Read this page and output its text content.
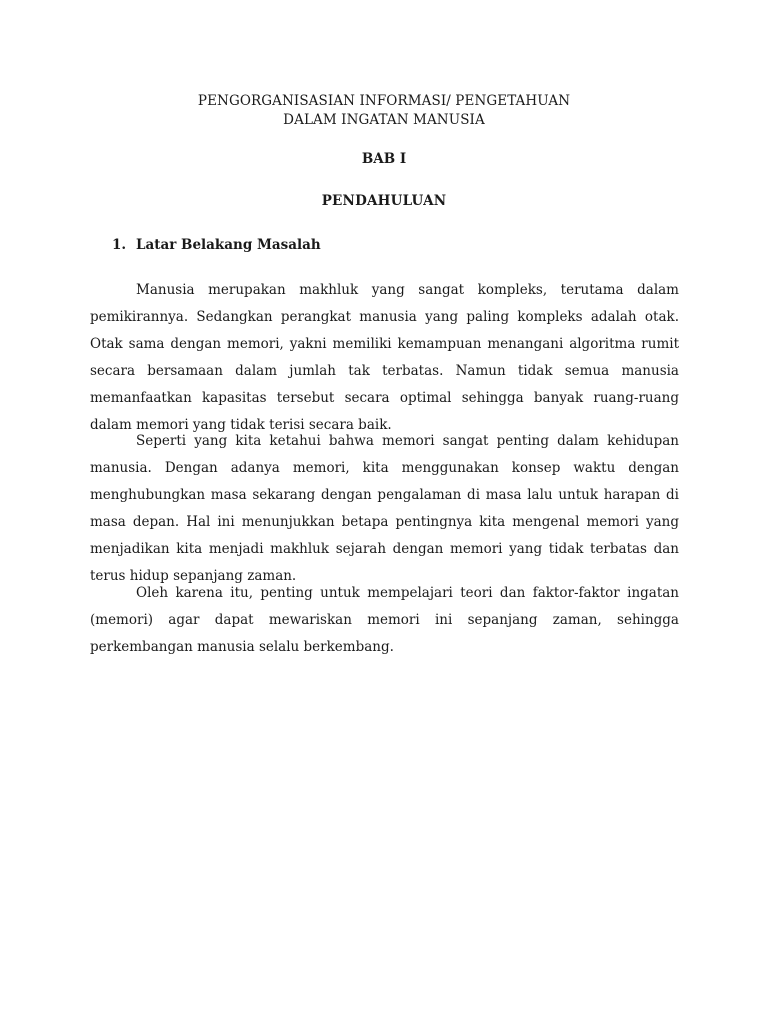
PENGORGANISASIAN INFORMASI/ PENGETAHUAN
DALAM INGATAN MANUSIA
BAB I
PENDAHULUAN
1. Latar Belakang Masalah

Manusia merupakan makhluk yang sangat kompleks, terutama dalam pemikirannya. Sedangkan perangkat manusia yang paling kompleks adalah otak. Otak sama dengan memori, yakni memiliki kemampuan menangani algoritma rumit secara bersamaan dalam jumlah tak terbatas. Namun tidak semua manusia memanfaatkan kapasitas tersebut secara optimal sehingga banyak ruang-ruang dalam memori yang tidak terisi secara baik.

Seperti yang kita ketahui bahwa memori sangat penting dalam kehidupan manusia. Dengan adanya memori, kita menggunakan konsep waktu dengan menghubungkan masa sekarang dengan pengalaman di masa lalu untuk harapan di masa depan. Hal ini menunjukkan betapa pentingnya kita mengenal memori yang menjadikan kita menjadi makhluk sejarah dengan memori yang tidak terbatas dan terus hidup sepanjang zaman.

Oleh karena itu, penting untuk mempelajari teori dan faktor-faktor ingatan (memori) agar dapat mewariskan memori ini sepanjang zaman, sehingga perkembangan manusia selalu berkembang.
